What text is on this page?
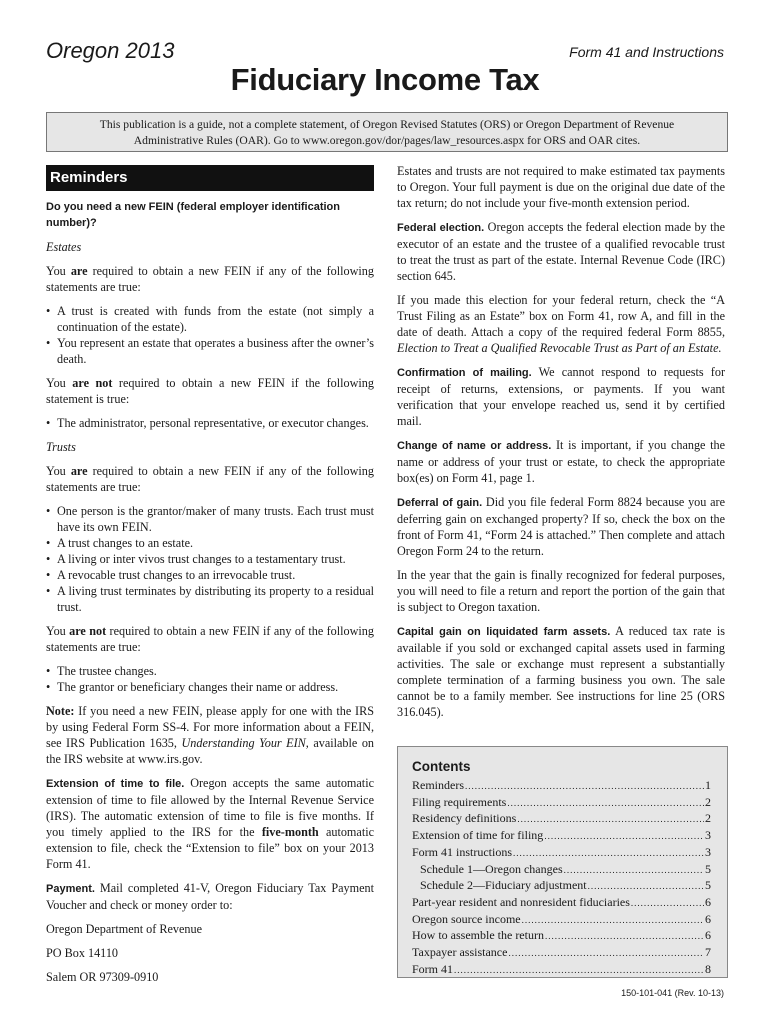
Oregon 2013	Form 41 and Instructions
Fiduciary Income Tax
This publication is a guide, not a complete statement, of Oregon Revised Statutes (ORS) or Oregon Department of Revenue Administrative Rules (OAR). Go to www.oregon.gov/dor/pages/law_resources.aspx for ORS and OAR cites.
Reminders

Do you need a new FEIN (federal employer identification number)?

Estates

You are required to obtain a new FEIN if any of the following statements are true:

• A trust is created with funds from the estate (not simply a continuation of the estate).
• You represent an estate that operates a business after the owner’s death.

You are not required to obtain a new FEIN if the following statement is true:

• The administrator, personal representative, or executor changes.

Trusts

You are required to obtain a new FEIN if any of the following statements are true:

• One person is the grantor/maker of many trusts. Each trust must have its own FEIN.
• A trust changes to an estate.
• A living or inter vivos trust changes to a testamentary trust.
• A revocable trust changes to an irrevocable trust.
• A living trust terminates by distributing its property to a residual trust.

You are not required to obtain a new FEIN if any of the following statements are true:

• The trustee changes.
• The grantor or beneficiary changes their name or address.

Note: If you need a new FEIN, please apply for one with the IRS by using Federal Form SS-4. For more information about a FEIN, see IRS Publication 1635, Understanding Your EIN, available on the IRS website at www.irs.gov.

Extension of time to file. Oregon accepts the same automatic extension of time to file allowed by the Internal Revenue Service (IRS). The automatic extension of time to file is five months. If you timely applied to the IRS for the five-month automatic extension to file, check the “Extension to file” box on your 2013 Form 41.

Payment. Mail completed 41-V, Oregon Fiduciary Tax Payment Voucher and check or money order to:

Oregon Department of Revenue

PO Box 14110

Salem OR 97309-0910

Estates and trusts are not required to make estimated tax payments to Oregon. Your full payment is due on the original due date of the tax return; do not include your five-month extension period.

Federal election. Oregon accepts the federal election made by the executor of an estate and the trustee of a qualified revocable trust to treat the trust as part of the estate. Internal Revenue Code (IRC) section 645.

If you made this election for your federal return, check the “A Trust Filing as an Estate” box on Form 41, row A, and fill in the date of death. Attach a copy of the required federal Form 8855, Election to Treat a Qualified Revocable Trust as Part of an Estate.

Confirmation of mailing. We cannot respond to requests for receipt of returns, extensions, or payments. If you want verification that your envelope reached us, send it by certified mail.

Change of name or address. It is important, if you change the name or address of your trust or estate, to check the appropriate box(es) on Form 41, page 1.

Deferral of gain. Did you file federal Form 8824 because you are deferring gain on exchanged property? If so, check the box on the front of Form 41, “Form 24 is attached.” Then complete and attach Oregon Form 24 to the return.

In the year that the gain is finally recognized for federal purposes, you will need to file a return and report the portion of the gain that is subject to Oregon taxation.

Capital gain on liquidated farm assets. A reduced tax rate is available if you sold or exchanged capital assets used in farming activities. The sale or exchange must represent a substantially complete termination of a farming business you own. The sale cannot be to a family member. See instructions for line 25 (ORS 316.045).

Contents
Reminders .....	1
Filing requirements .....	2
Residency definitions .....	2
Extension of time for filing .....	3
Form 41 instructions .....	3
Schedule 1—Oregon changes .....	5
Schedule 2—Fiduciary adjustment .....	5
Part-year resident and nonresident fiduciaries .....	6
Oregon source income .....	6
How to assemble the return .....	6
Taxpayer assistance .....	7
Form 41 .....	8
150-101-041 (Rev. 10-13)
